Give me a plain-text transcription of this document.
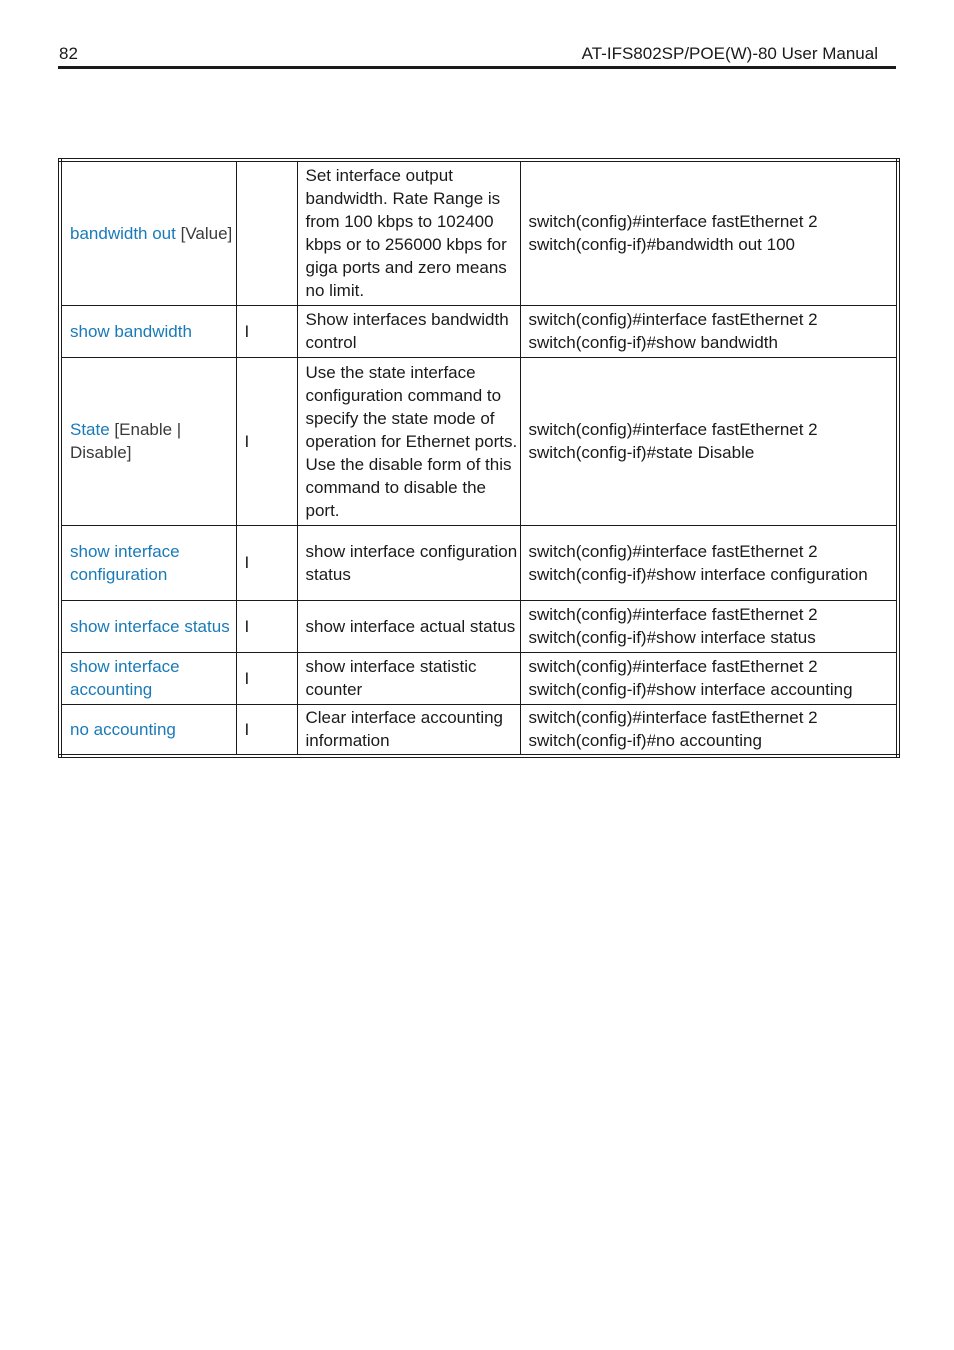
82	AT-IFS802SP/POE(W)-80 User Manual
bandwidth out [Value]		Set interface output bandwidth. Rate Range is from 100 kbps to 102400 kbps or to 256000 kbps for giga ports and zero means no limit.	switch(config)#interface fastEthernet 2
switch(config-if)#bandwidth out 100

show bandwidth	I	Show interfaces bandwidth control	switch(config)#interface fastEthernet 2
switch(config-if)#show bandwidth

State [Enable | Disable]	I	Use the state interface configuration command to specify the state mode of operation for Ethernet ports. Use the disable form of this command to disable the port.	switch(config)#interface fastEthernet 2
switch(config-if)#state Disable

show interface configuration	I	show interface configuration status	switch(config)#interface fastEthernet 2
switch(config-if)#show interface configuration

show interface status	I	show interface actual status	switch(config)#interface fastEthernet 2
switch(config-if)#show interface status

show interface accounting	I	show interface statistic counter	switch(config)#interface fastEthernet 2
switch(config-if)#show interface accounting

no accounting	I	Clear interface accounting information	switch(config)#interface fastEthernet 2
switch(config-if)#no accounting
